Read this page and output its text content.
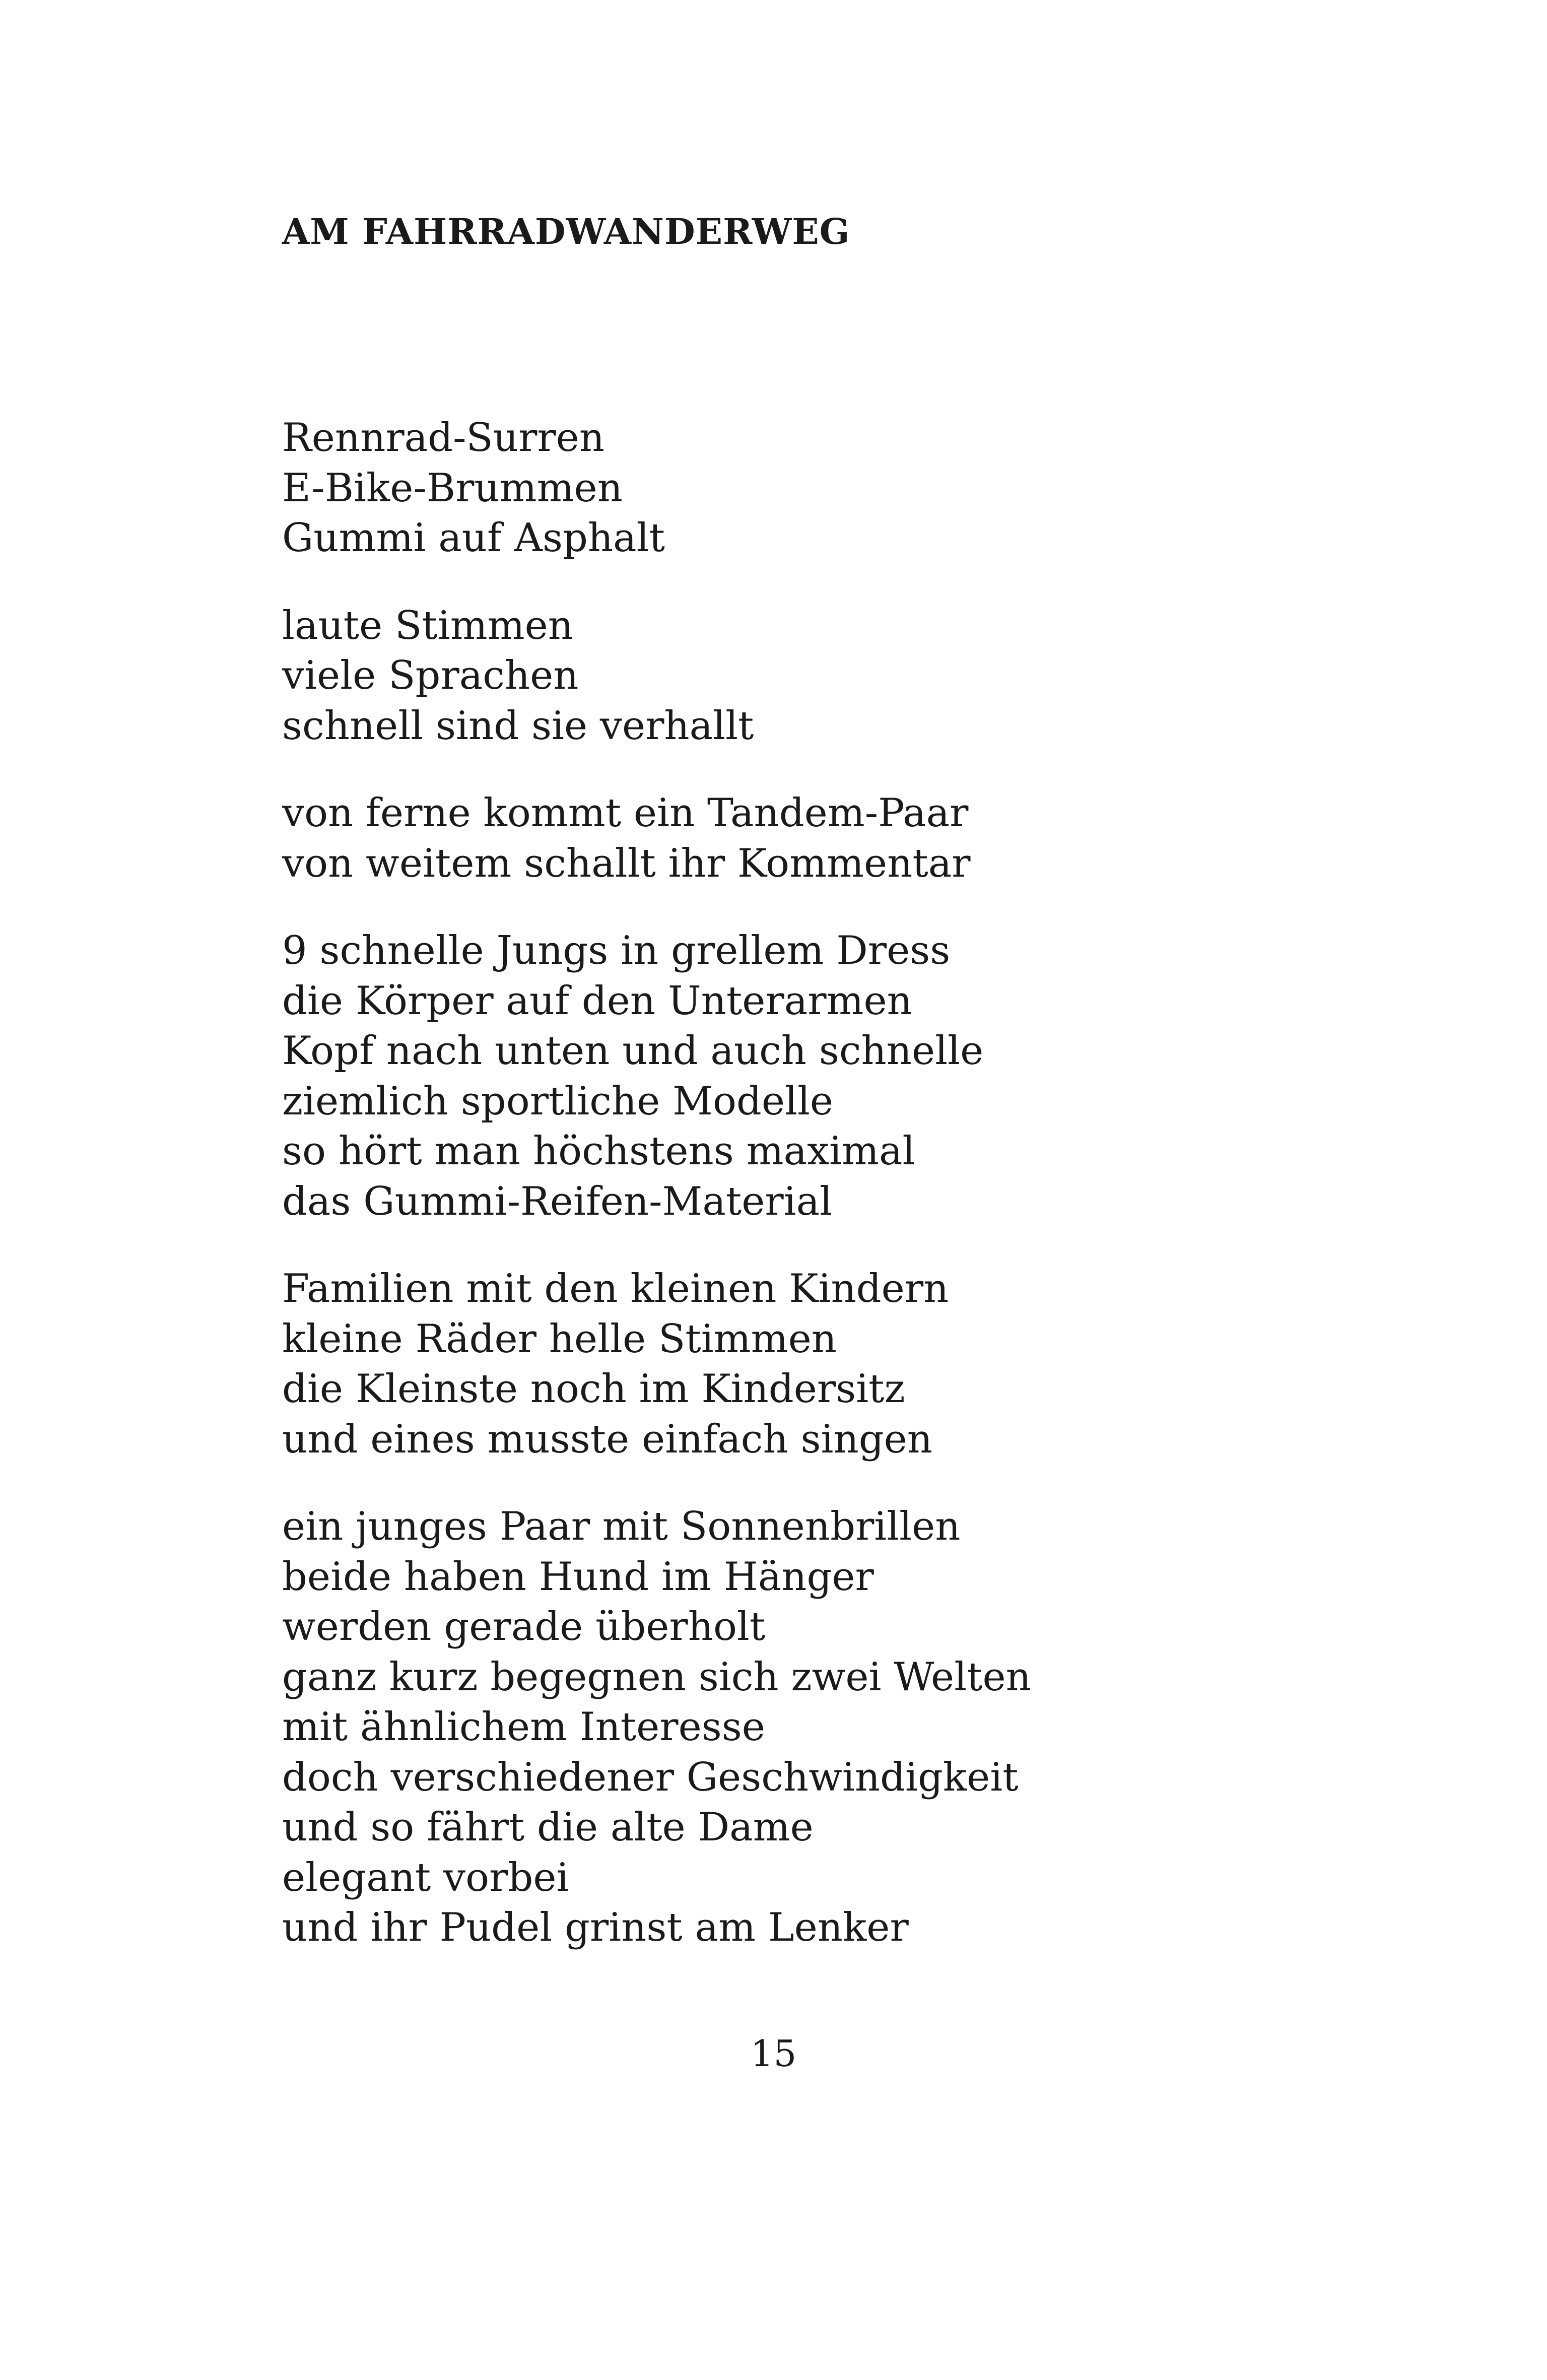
AM FAHRRADWANDERWEG
Rennrad-Surren
E-Bike-Brummen
Gummi auf Asphalt
laute Stimmen
viele Sprachen
schnell sind sie verhallt
von ferne kommt ein Tandem-Paar
von weitem schallt ihr Kommentar
9 schnelle Jungs in grellem Dress
die Körper auf den Unterarmen
Kopf nach unten und auch schnelle
ziemlich sportliche Modelle
so hört man höchstens maximal
das Gummi-Reifen-Material
Familien mit den kleinen Kindern
kleine Räder helle Stimmen
die Kleinste noch im Kindersitz
und eines musste einfach singen
ein junges Paar mit Sonnenbrillen
beide haben Hund im Hänger
werden gerade überholt
ganz kurz begegnen sich zwei Welten
mit ähnlichem Interesse
doch verschiedener Geschwindigkeit
und so fährt die alte Dame
elegant vorbei
und ihr Pudel grinst am Lenker
15
